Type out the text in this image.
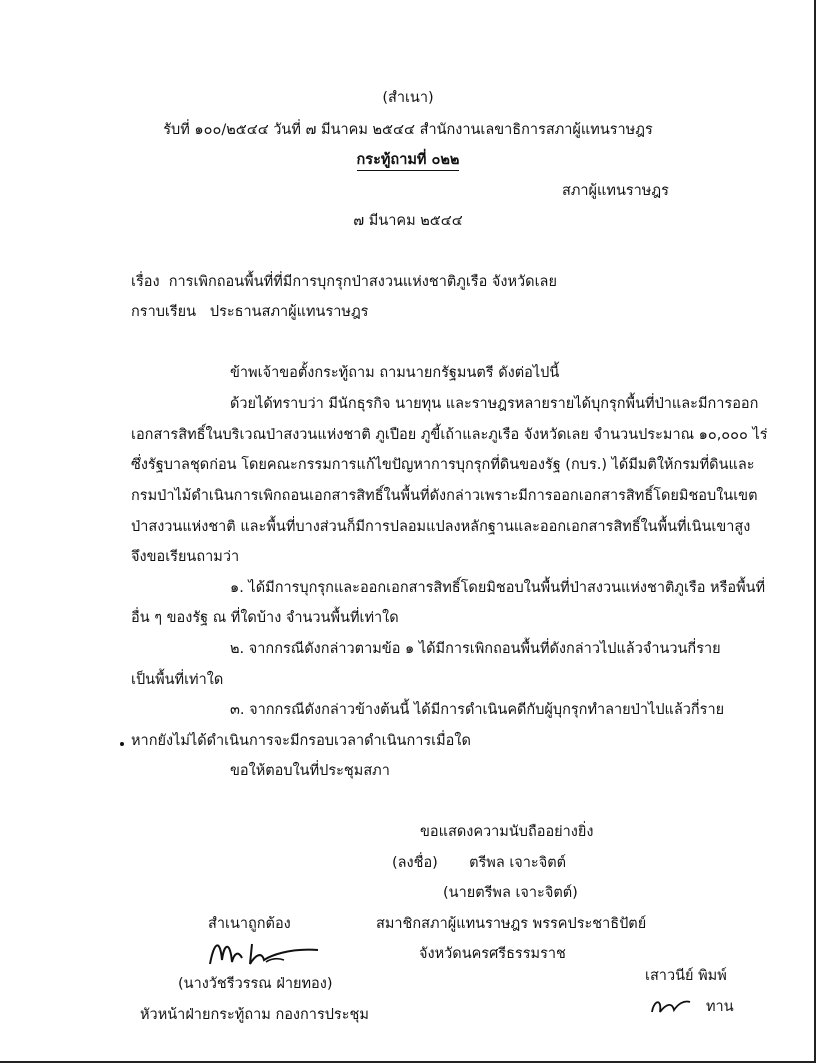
(สำเนา)
รับที่ ๑๐๐/๒๕๔๔ วันที่ ๗ มีนาคม ๒๕๔๔ สำนักงานเลขาธิการสภาผู้แทนราษฎร
กระทู้ถามที่ ๐๒๒
สภาผู้แทนราษฎร
๗ มีนาคม ๒๕๔๔
เรื่อง การเพิกถอนพื้นที่ที่มีการบุกรุกป่าสงวนแห่งชาติภูเรือ จังหวัดเลย
กราบเรียน ประธานสภาผู้แทนราษฎร
ข้าพเจ้าขอตั้งกระทู้ถาม ถามนายกรัฐมนตรี ดังต่อไปนี้
ด้วยได้ทราบว่า มีนักธุรกิจ นายทุน และราษฎรหลายรายได้บุกรุกพื้นที่ป่าและมีการออก
เอกสารสิทธิ์ในบริเวณป่าสงวนแห่งชาติ ภูเปือย ภูขี้เถ้าและภูเรือ จังหวัดเลย จำนวนประมาณ ๑๐,๐๐๐ ไร่
ซึ่งรัฐบาลชุดก่อน โดยคณะกรรมการแก้ไขปัญหาการบุกรุกที่ดินของรัฐ (กบร.) ได้มีมติให้กรมที่ดินและ
กรมป่าไม้ดำเนินการเพิกถอนเอกสารสิทธิ์ในพื้นที่ดังกล่าวเพราะมีการออกเอกสารสิทธิ์โดยมิชอบในเขต
ป่าสงวนแห่งชาติ และพื้นที่บางส่วนก็มีการปลอมแปลงหลักฐานและออกเอกสารสิทธิ์ในพื้นที่เนินเขาสูง
จึงขอเรียนถามว่า
๑. ได้มีการบุกรุกและออกเอกสารสิทธิ์โดยมิชอบในพื้นที่ป่าสงวนแห่งชาติภูเรือ หรือพื้นที่
อื่น ๆ ของรัฐ ณ ที่ใดบ้าง จำนวนพื้นที่เท่าใด
๒. จากกรณีดังกล่าวตามข้อ ๑ ได้มีการเพิกถอนพื้นที่ดังกล่าวไปแล้วจำนวนกี่ราย
เป็นพื้นที่เท่าใด
๓. จากกรณีดังกล่าวข้างต้นนี้ ได้มีการดำเนินคดีกับผู้บุกรุกทำลายป่าไปแล้วกี่ราย
หากยังไม่ได้ดำเนินการจะมีกรอบเวลาดำเนินการเมื่อใด
ขอให้ตอบในที่ประชุมสภา
ขอแสดงความนับถืออย่างยิ่ง
(ลงชื่อ) ตรีพล เจาะจิตต์
(นายตรีพล เจาะจิตต์)
สมาชิกสภาผู้แทนราษฎร พรรคประชาธิปัตย์
จังหวัดนครศรีธรรมราช
สำเนาถูกต้อง
(นางวัชรีวรรณ ฝ่ายทอง)
หัวหน้าฝ่ายกระทู้ถาม กองการประชุม
เสาวนีย์ พิมพ์
ทาน
